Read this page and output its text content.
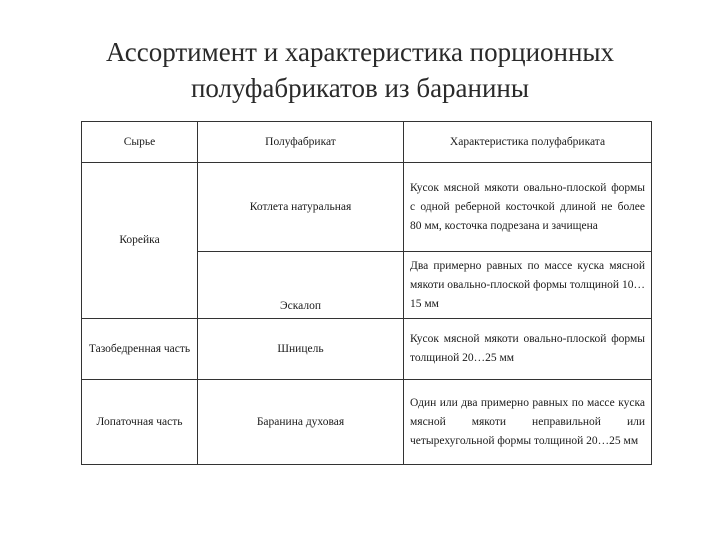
Ассортимент и характеристика порционных
полуфабрикатов из баранины
Сырье	Полуфабрикат	Характеристика полуфабриката
Корейка	Котлета натуральная	Кусок мясной мякоти овально-плоской формы с одной реберной косточкой длиной не более 80 мм, косточка подрезана и зачищена
	Эскалоп	Два примерно равных по массе куска мясной мякоти овально-плоской формы толщиной 10…15 мм
Тазобедренная часть	Шницель	Кусок мясной мякоти овально-плоской формы толщиной 20…25 мм
Лопаточная часть	Баранина духовая	Один или два примерно равных по массе куска мясной мякоти неправильной или четырехугольной формы толщиной 20…25 мм
